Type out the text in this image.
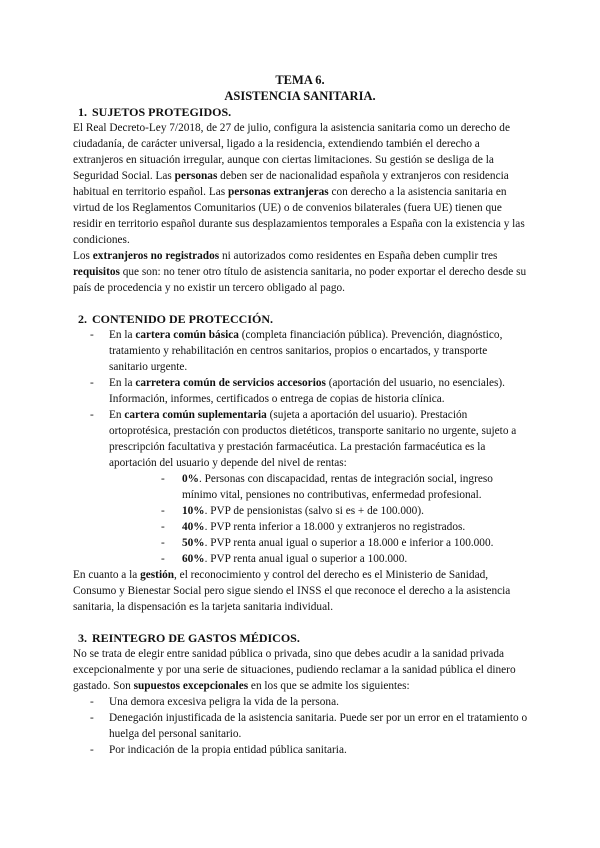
TEMA 6.
ASISTENCIA SANITARIA.
1. SUJETOS PROTEGIDOS.
El Real Decreto-Ley 7/2018, de 27 de julio, configura la asistencia sanitaria como un derecho de ciudadanía, de carácter universal, ligado a la residencia, extendiendo también el derecho a extranjeros en situación irregular, aunque con ciertas limitaciones. Su gestión se desliga de la Seguridad Social. Las personas deben ser de nacionalidad española y extranjeros con residencia habitual en territorio español. Las personas extranjeras con derecho a la asistencia sanitaria en virtud de los Reglamentos Comunitarios (UE) o de convenios bilaterales (fuera UE) tienen que residir en territorio español durante sus desplazamientos temporales a España con la existencia y las condiciones.
Los extranjeros no registrados ni autorizados como residentes en España deben cumplir tres requisitos que son: no tener otro título de asistencia sanitaria, no poder exportar el derecho desde su país de procedencia y no existir un tercero obligado al pago.
2. CONTENIDO DE PROTECCIÓN.
- En la cartera común básica (completa financiación pública). Prevención, diagnóstico, tratamiento y rehabilitación en centros sanitarios, propios o encartados, y transporte sanitario urgente.
- En la carretera común de servicios accesorios (aportación del usuario, no esenciales). Información, informes, certificados o entrega de copias de historia clínica.
- En cartera común suplementaria (sujeta a aportación del usuario). Prestación ortoprotésica, prestación con productos dietéticos, transporte sanitario no urgente, sujeto a prescripción facultativa y prestación farmacéutica. La prestación farmacéutica es la aportación del usuario y depende del nivel de rentas:
- 0%. Personas con discapacidad, rentas de integración social, ingreso mínimo vital, pensiones no contributivas, enfermedad profesional.
- 10%. PVP de pensionistas (salvo si es + de 100.000).
- 40%. PVP renta inferior a 18.000 y extranjeros no registrados.
- 50%. PVP renta anual igual o superior a 18.000 e inferior a 100.000.
- 60%. PVP renta anual igual o superior a 100.000.
En cuanto a la gestión, el reconocimiento y control del derecho es el Ministerio de Sanidad, Consumo y Bienestar Social pero sigue siendo el INSS el que reconoce el derecho a la asistencia sanitaria, la dispensación es la tarjeta sanitaria individual.
3. REINTEGRO DE GASTOS MÉDICOS.
No se trata de elegir entre sanidad pública o privada, sino que debes acudir a la sanidad privada excepcionalmente y por una serie de situaciones, pudiendo reclamar a la sanidad pública el dinero gastado. Son supuestos excepcionales en los que se admite los siguientes:
- Una demora excesiva peligra la vida de la persona.
- Denegación injustificada de la asistencia sanitaria. Puede ser por un error en el tratamiento o huelga del personal sanitario.
- Por indicación de la propia entidad pública sanitaria.
